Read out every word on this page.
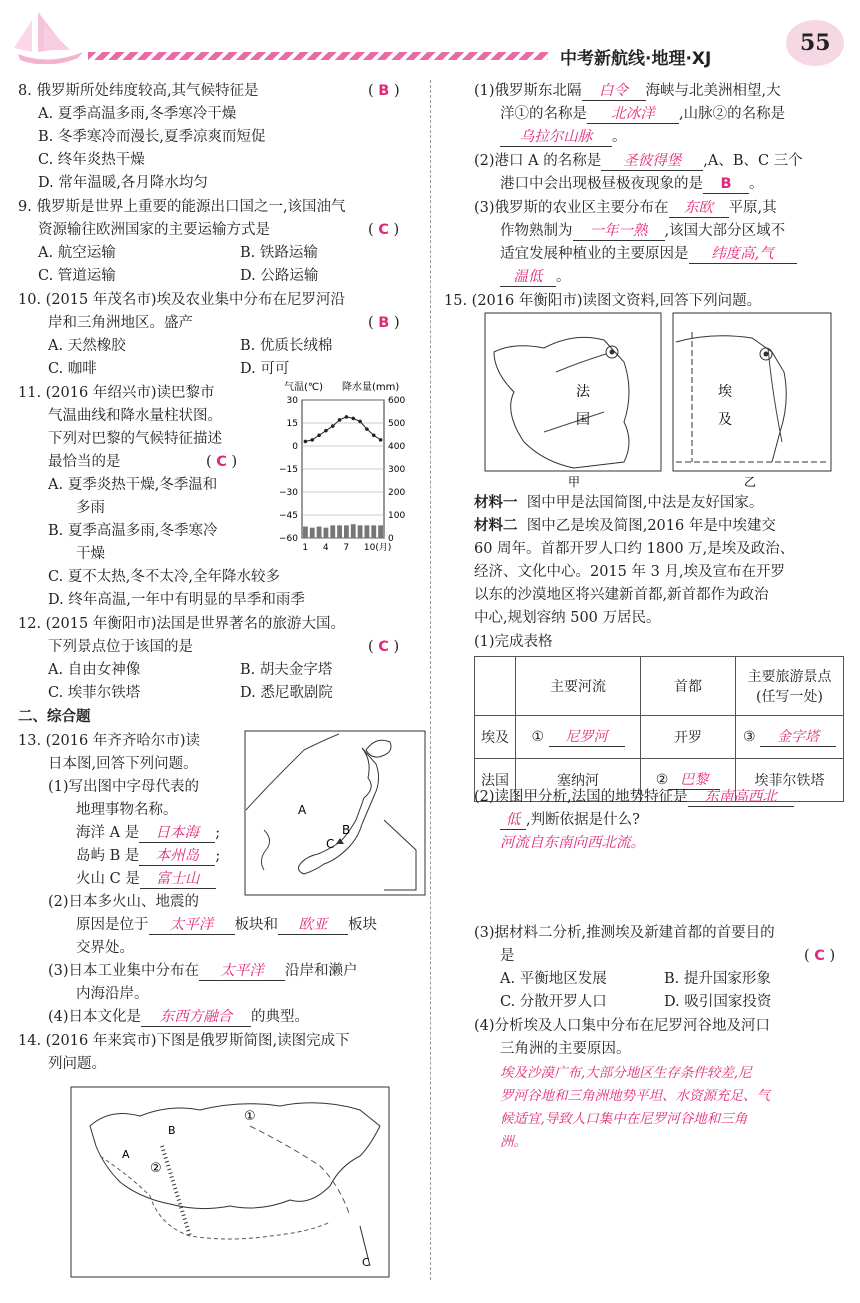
中考新航线·地理·XJ
55
8. 俄罗斯所处纬度较高,其气候特征是	( B )
A. 夏季高温多雨,冬季寒冷干燥
B. 冬季寒冷而漫长,夏季凉爽而短促
C. 终年炎热干燥
D. 常年温暖,各月降水均匀
9. 俄罗斯是世界上重要的能源出口国之一,该国油气
资源输往欧洲国家的主要运输方式是	( C )
A. 航空运输	B. 铁路运输
C. 管道运输	D. 公路运输
10. (2015 年茂名市)埃及农业集中分布在尼罗河沿
岸和三角洲地区。盛产	( B )
A. 天然橡胶	B. 优质长绒棉
C. 咖啡	D. 可可
11. (2016 年绍兴市)读巴黎市
气温曲线和降水量柱状图。
下列对巴黎的气候特征描述
最恰当的是	( C )
A. 夏季炎热干燥,冬季温和
多雨
B. 夏季高温多雨,冬季寒冷
干燥
C. 夏不太热,冬不太冷,全年降水较多
D. 终年高温,一年中有明显的旱季和雨季
气温(℃) 降水量(mm)
30
15
0
−15
−30
−45
−60
600
500
400
300
200
100
0
1 4 7 10(月)
12. (2015 年衡阳市)法国是世界著名的旅游大国。
下列景点位于该国的是	( C )
A. 自由女神像	B. 胡夫金字塔
C. 埃菲尔铁塔	D. 悉尼歌剧院
二、综合题
13. (2016 年齐齐哈尔市)读
日本图,回答下列问题。
(1)写出图中字母代表的
地理事物名称。
海洋 A 是 日本海 ;
岛屿 B 是 本州岛 ;
火山 C 是 富士山
(2)日本多火山、地震的
原因是位于 太平洋 板块和 欧亚 板块
交界处。
(3)日本工业集中分布在 太平洋 沿岸和濑户
内海沿岸。
(4)日本文化是 东西方融合 的典型。
A
B
C
14. (2016 年来宾市)下图是俄罗斯简图,读图完成下
列问题。
①
②
A
B
C
(1)俄罗斯东北隔 白令 海峡与北美洲相望,大
洋①的名称是 北冰洋 ,山脉②的名称是
乌拉尔山脉 。
(2)港口 A 的名称是 圣彼得堡 ,A、B、C 三个
港口中会出现极昼极夜现象的是 B 。
(3)俄罗斯的农业区主要分布在 东欧 平原,其
作物熟制为 一年一熟 ,该国大部分区域不
适宜发展种植业的主要原因是 纬度高,气
温低 。
15. (2016 年衡阳市)读图文资料,回答下列问题。
法
国
甲
埃
及
乙
材料一 图中甲是法国简图,中法是友好国家。
材料二 图中乙是埃及简图,2016 年是中埃建交
60 周年。首都开罗人口约 1800 万,是埃及政治、
经济、文化中心。2015 年 3 月,埃及宣布在开罗
以东的沙漠地区将兴建新首都,新首都作为政治
中心,规划容纳 500 万居民。
(1)完成表格
	主要河流	首都	主要旅游景点
(任写一处)

埃及	① 尼罗河	开罗	③ 金字塔
法国	塞纳河	② 巴黎	埃菲尔铁塔
(2)读图甲分析,法国的地势特征是 东南高西北
低 ,判断依据是什么?
河流自东南向西北流。
(3)据材料二分析,推测埃及新建首都的首要目的
是	( C )
A. 平衡地区发展	B. 提升国家形象
C. 分散开罗人口	D. 吸引国家投资
(4)分析埃及人口集中分布在尼罗河谷地及河口
三角洲的主要原因。
埃及沙漠广布,大部分地区生存条件较差,尼
罗河谷地和三角洲地势平坦、水资源充足、气
候适宜,导致人口集中在尼罗河谷地和三角
洲。
